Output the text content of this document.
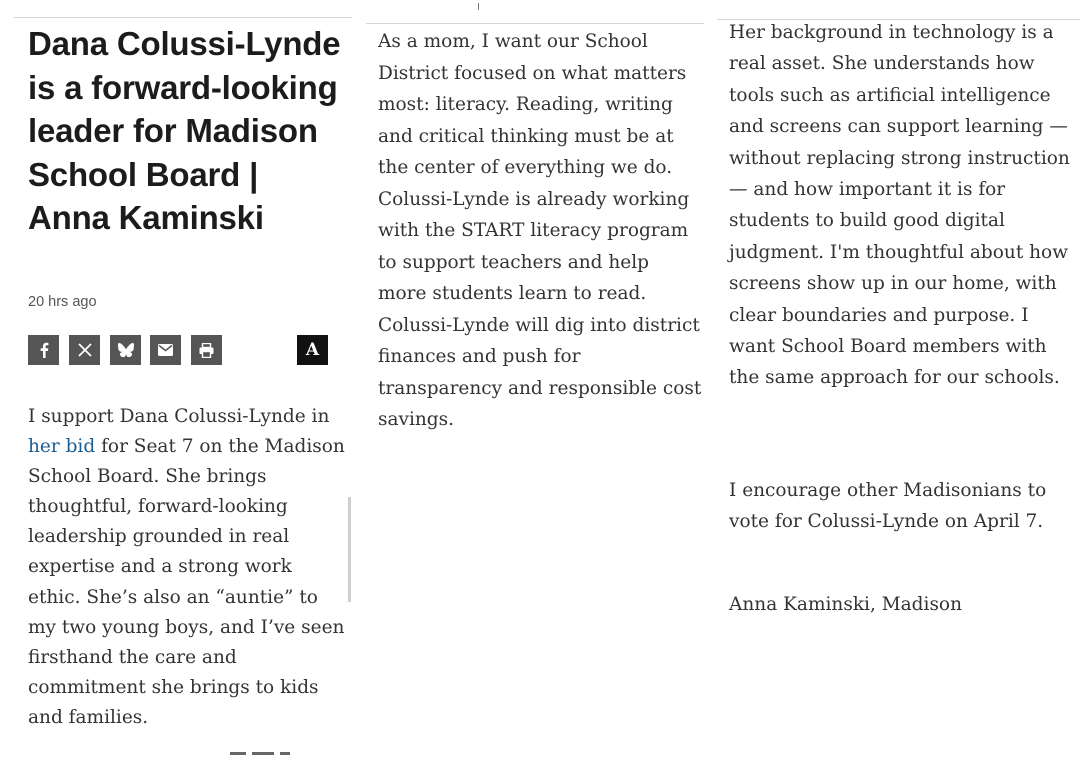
Dana Colussi-Lynde is a forward-looking leader for Madison School Board | Anna Kaminski
20 hrs ago
A
I support Dana Colussi-Lynde in her bid for Seat 7 on the Madison School Board. She brings thoughtful, forward-looking leadership grounded in real expertise and a strong work ethic. She’s also an “auntie” to my two young boys, and I’ve seen firsthand the care and commitment she brings to kids and families.

As a mom, I want our School District focused on what matters most: literacy. Reading, writing and critical thinking must be at the center of everything we do. Colussi-Lynde is already working with the START literacy program to support teachers and help more students learn to read. Colussi-Lynde will dig into district finances and push for transparency and responsible cost savings.

Her background in technology is a real asset. She understands how tools such as artificial intelligence and screens can support learning — without replacing strong instruction — and how important it is for students to build good digital judgment. I'm thoughtful about how screens show up in our home, with clear boundaries and purpose. I want School Board members with the same approach for our schools.

I encourage other Madisonians to vote for Colussi-Lynde on April 7.

Anna Kaminski, Madison
